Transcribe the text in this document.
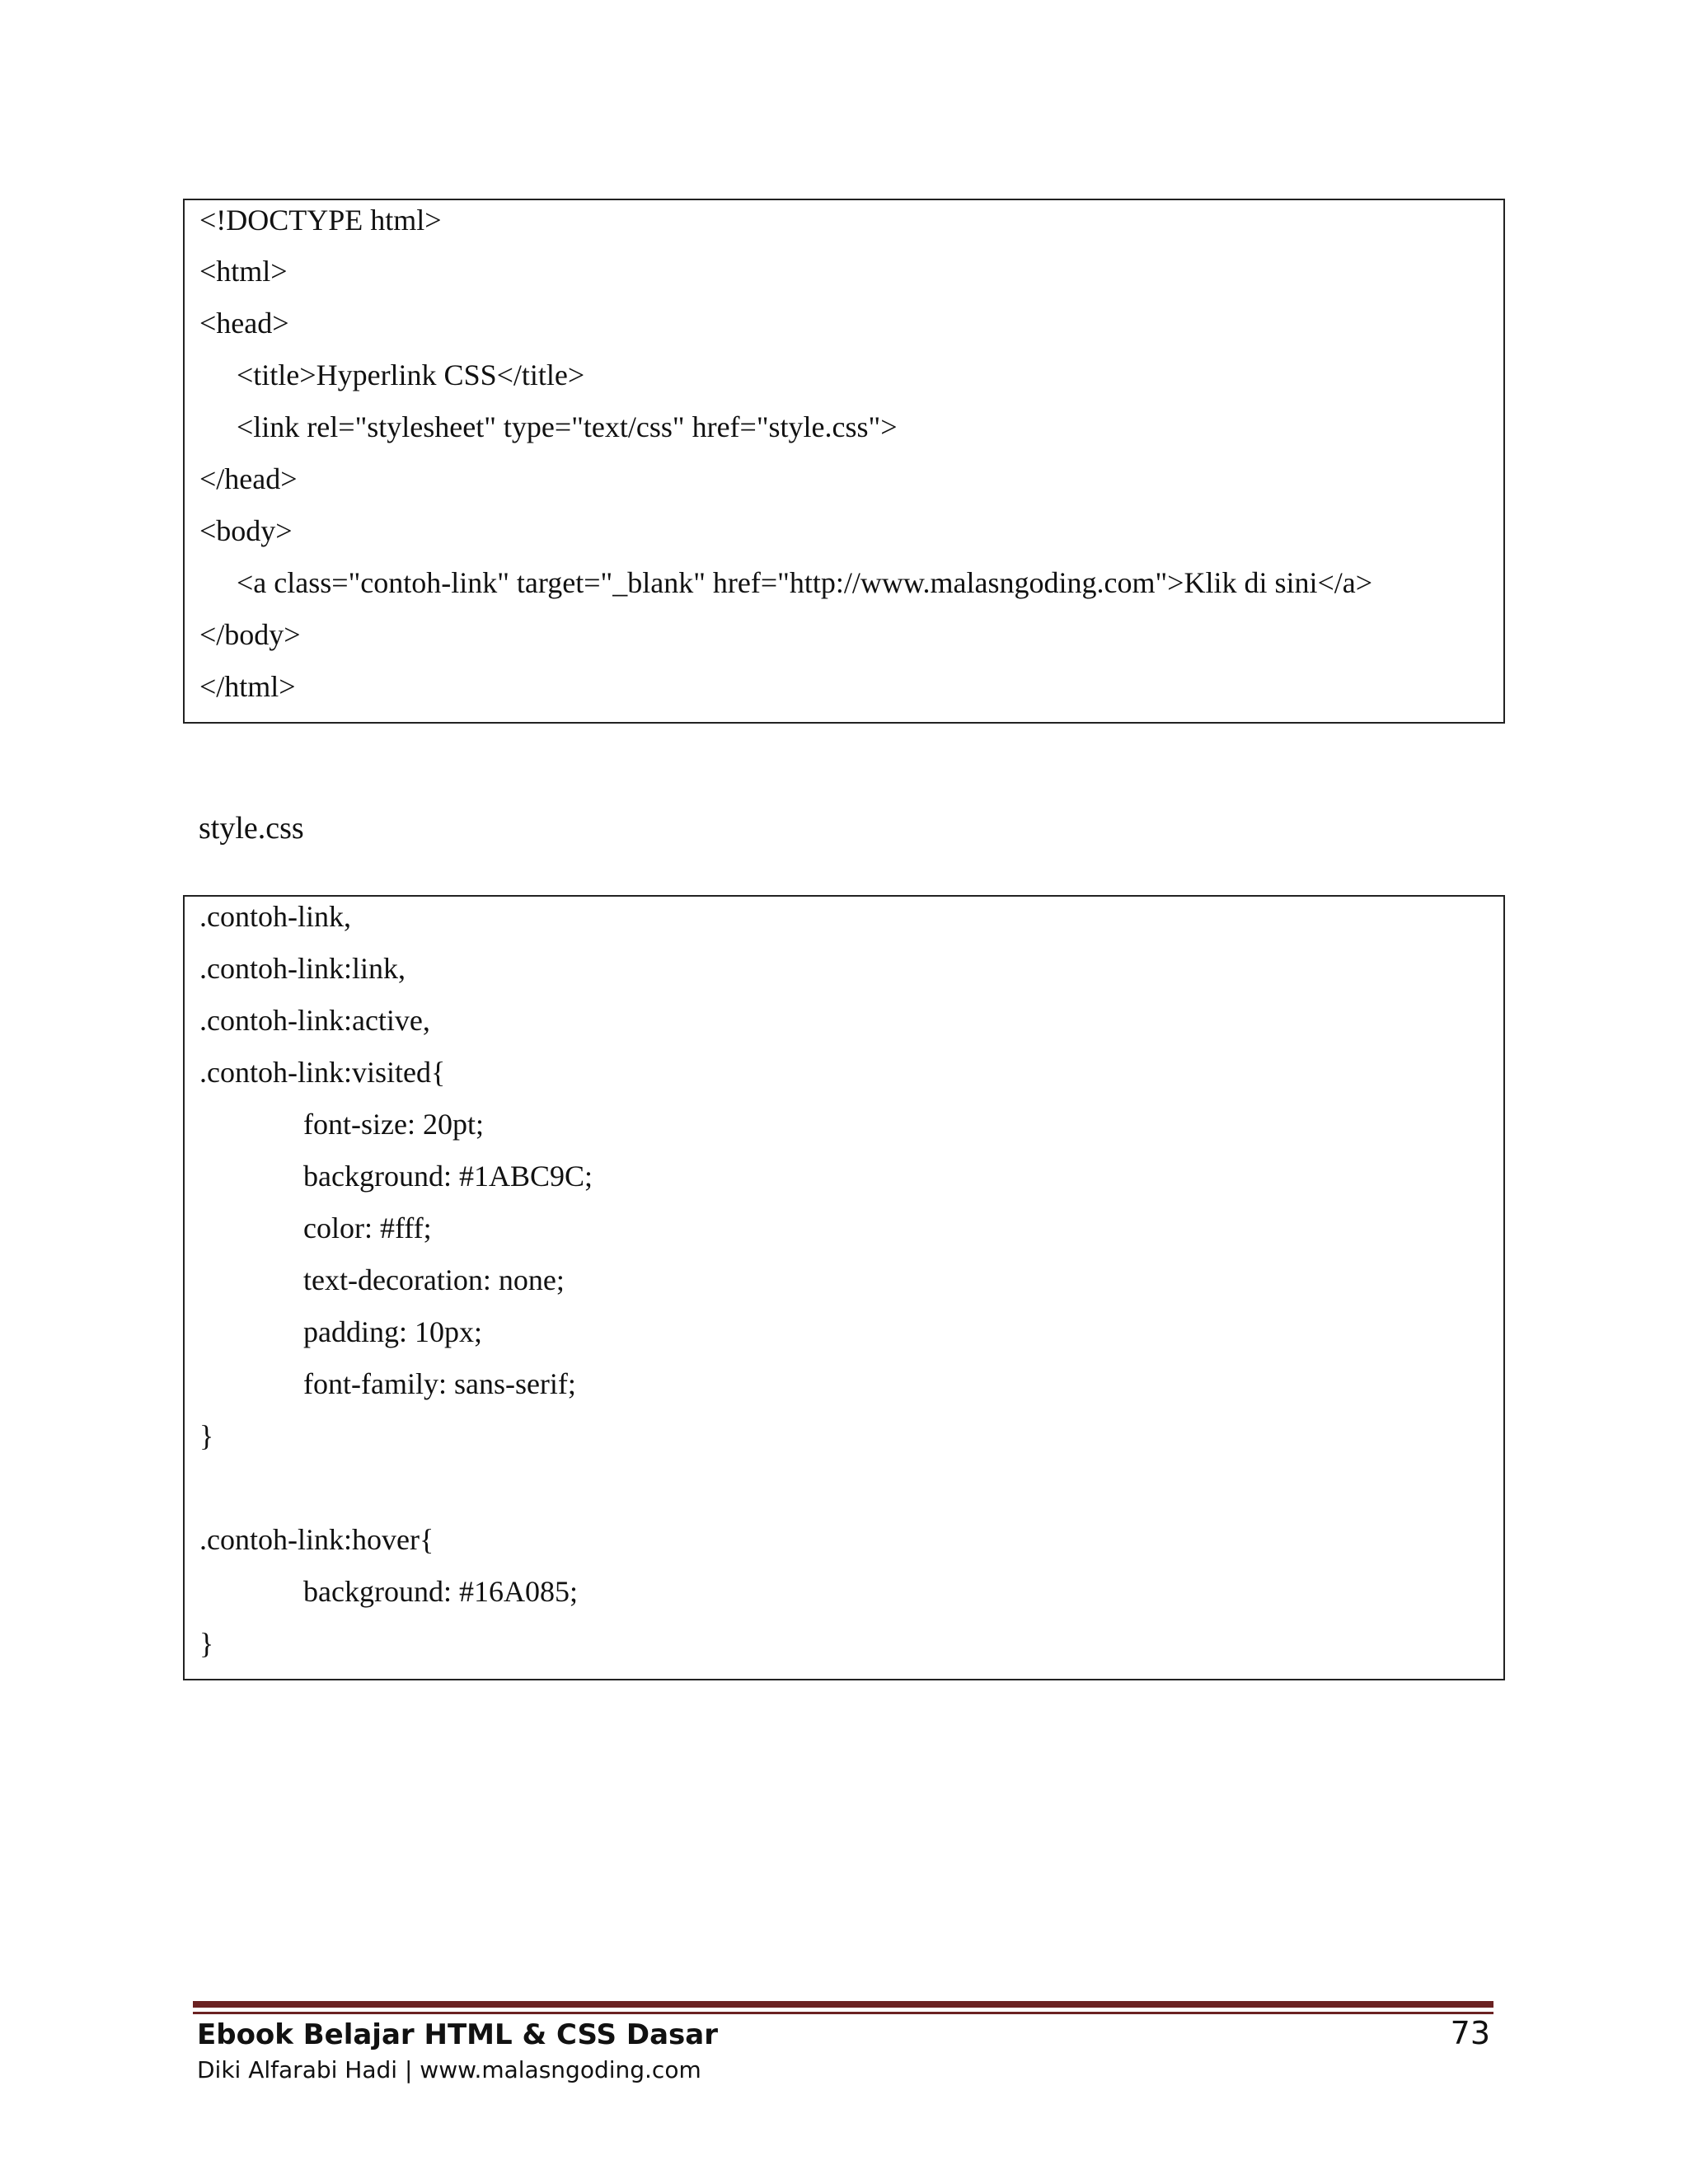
<!DOCTYPE html>
<html>
<head>
<title>Hyperlink CSS</title>
<link rel="stylesheet" type="text/css" href="style.css">
</head>
<body>
<a class="contoh-link" target="_blank" href="http://www.malasngoding.com">Klik di sini</a>
</body>
</html>
style.css
.contoh-link,
.contoh-link:link,
.contoh-link:active,
.contoh-link:visited{
font-size: 20pt;
background: #1ABC9C;
color: #fff;
text-decoration: none;
padding: 10px;
font-family: sans-serif;
}
.contoh-link:hover{
background: #16A085;
}
Ebook Belajar HTML & CSS Dasar
Diki Alfarabi Hadi | www.malasngoding.com
73
